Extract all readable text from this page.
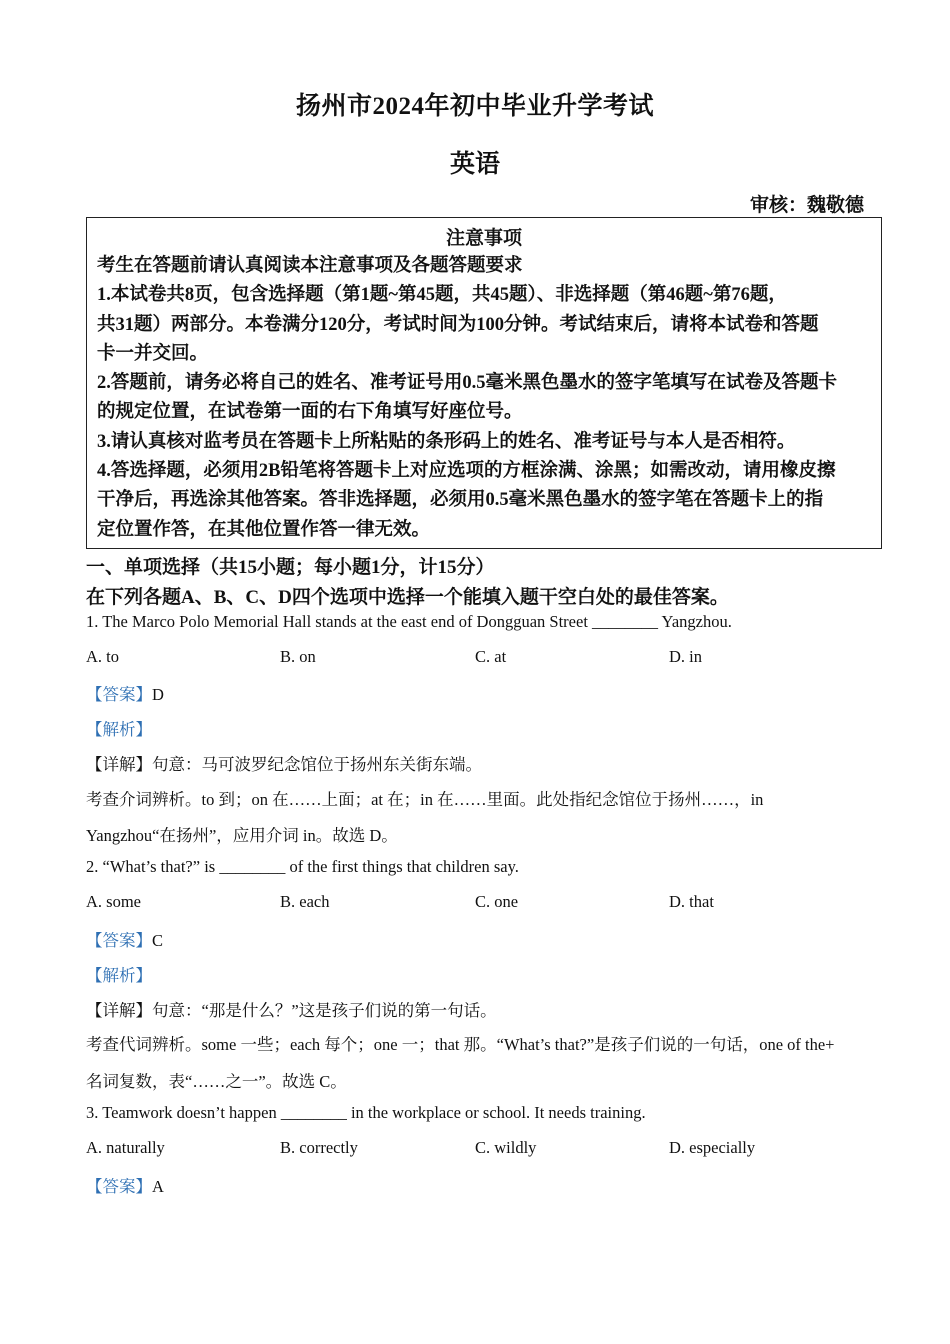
扬州市2024年初中毕业升学考试
英语
审核：魏敬德
注意事项

考生在答题前请认真阅读本注意事项及各题答题要求

1.本试卷共8页，包含选择题（第1题~第45题，共45题）、非选择题（第46题~第76题，

共31题）两部分。本卷满分120分，考试时间为100分钟。考试结束后，请将本试卷和答题

卡一并交回。

2.答题前，请务必将自己的姓名、准考证号用0.5毫米黑色墨水的签字笔填写在试卷及答题卡

的规定位置，在试卷第一面的右下角填写好座位号。

3.请认真核对监考员在答题卡上所粘贴的条形码上的姓名、准考证号与本人是否相符。

4.答选择题，必须用2B铅笔将答题卡上对应选项的方框涂满、涂黑；如需改动，请用橡皮擦

干净后，再选涂其他答案。答非选择题，必须用0.5毫米黑色墨水的签字笔在答题卡上的指

定位置作答，在其他位置作答一律无效。

一、单项选择（共15小题；每小题1分，计15分）
在下列各题A、B、C、D四个选项中选择一个能填入题干空白处的最佳答案。
1. The Marco Polo Memorial Hall stands at the east end of Dongguan Street ________ Yangzhou.
A. to	B. on	C. at	D. in
【答案】D
【解析】
【详解】句意：马可波罗纪念馆位于扬州东关街东端。
考查介词辨析。to 到；on 在……上面；at 在；in 在……里面。此处指纪念馆位于扬州……，in
Yangzhou“在扬州”，应用介词 in。故选 D。
2. “What’s that?” is ________ of the first things that children say.
A. some	B. each	C. one	D. that
【答案】C
【解析】
【详解】句意：“那是什么？”这是孩子们说的第一句话。
考查代词辨析。some 一些；each 每个；one 一；that 那。“What’s that?”是孩子们说的一句话，one of the+
名词复数，表“……之一”。故选 C。
3. Teamwork doesn’t happen ________ in the workplace or school. It needs training.
A. naturally	B. correctly	C. wildly	D. especially
【答案】A
